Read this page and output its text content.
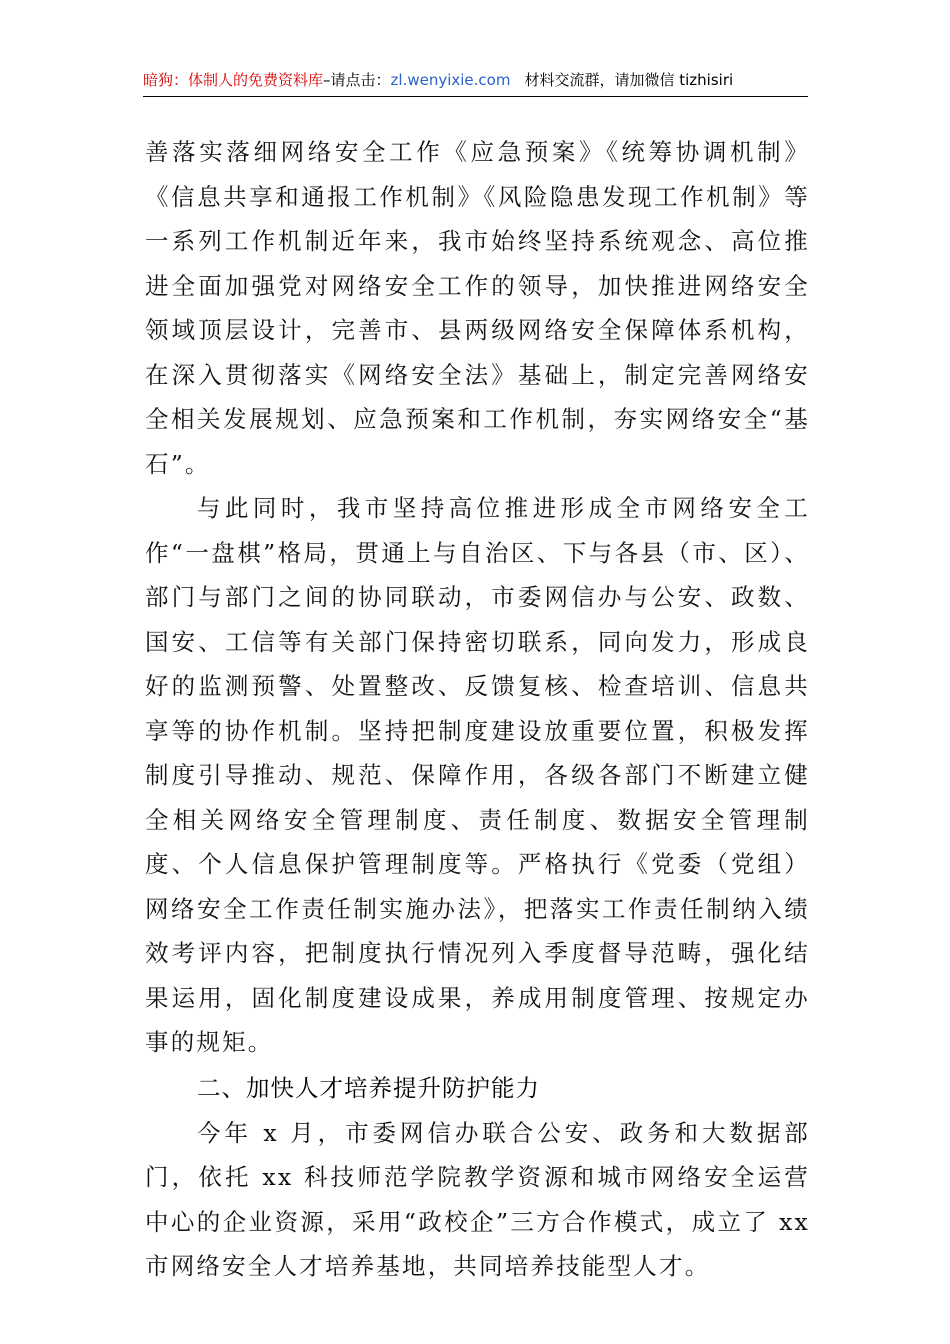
暗狗：体制人的免费资料库–请点击：zl.wenyixie.com 材料交流群，请加微信 tizhisiri

善落实落细网络安全工作《应急预案》《统筹协调机制》《信息共享和通报工作机制》《风险隐患发现工作机制》等一系列工作机制近年来，我市始终坚持系统观念、高位推进全面加强党对网络安全工作的领导，加快推进网络安全领域顶层设计，完善市、县两级网络安全保障体系机构，在深入贯彻落实《网络安全法》基础上，制定完善网络安全相关发展规划、应急预案和工作机制，夯实网络安全“基石”。

与此同时，我市坚持高位推进形成全市网络安全工作“一盘棋”格局，贯通上与自治区、下与各县（市、区）、部门与部门之间的协同联动，市委网信办与公安、政数、国安、工信等有关部门保持密切联系，同向发力，形成良好的监测预警、处置整改、反馈复核、检查培训、信息共享等的协作机制。坚持把制度建设放重要位置，积极发挥制度引导推动、规范、保障作用，各级各部门不断建立健全相关网络安全管理制度、责任制度、数据安全管理制度、个人信息保护管理制度等。严格执行《党委（党组）网络安全工作责任制实施办法》，把落实工作责任制纳入绩效考评内容，把制度执行情况列入季度督导范畴，强化结果运用，固化制度建设成果，养成用制度管理、按规定办事的规矩。

二、加快人才培养提升防护能力

今年 x 月，市委网信办联合公安、政务和大数据部门，依托 xx 科技师范学院教学资源和城市网络安全运营中心的企业资源，采用“政校企”三方合作模式，成立了 xx 市网络安全人才培养基地，共同培养技能型人才。
